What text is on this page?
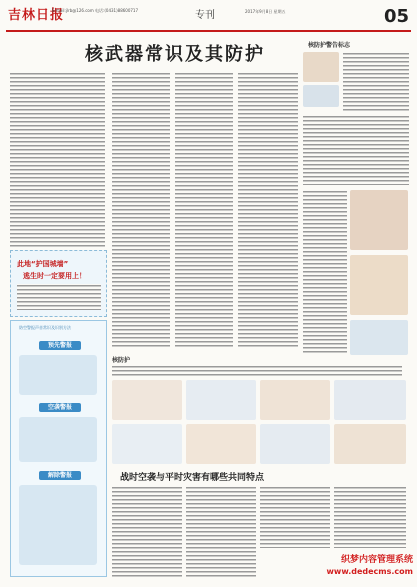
吉林日报
E-mail:jlrb@126.com 电话:(0431)88600717	专刊	2017年9月8日 星期五	05
核武器常识及其防护
此地“护国城墙”
逃生时一定要用上！
防空警报声音常识及识别方法
预先警报
空袭警报
解除警报
核防护警告标志
核防护
战时空袭与平时灾害有哪些共同特点
织梦内容管理系统
www.dedecms.com
